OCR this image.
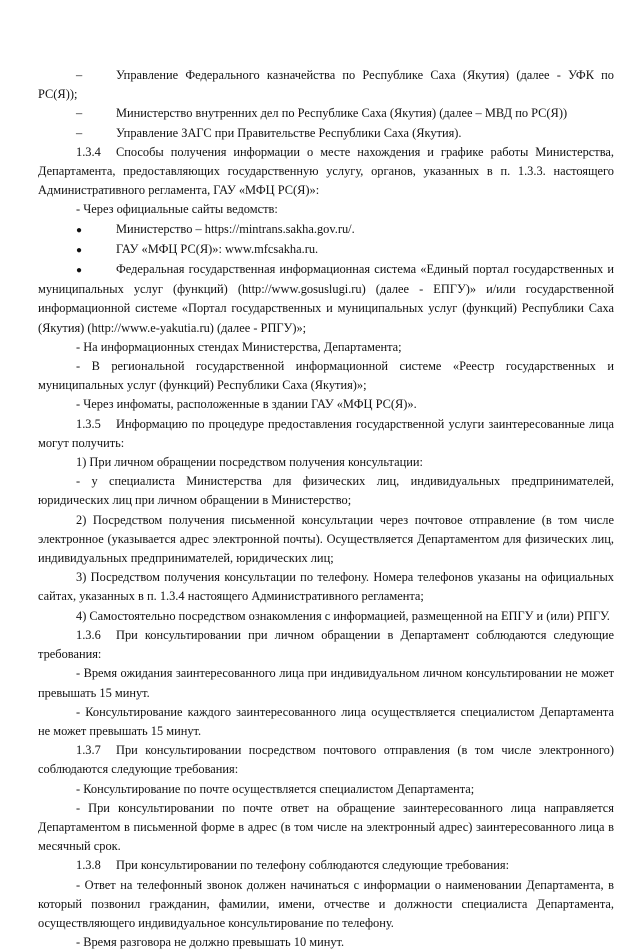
–	Управление Федерального казначейства по Республике Саха (Якутия) (далее - УФК по РС(Я));

–	Министерство внутренних дел по Республике Саха (Якутия) (далее – МВД по РС(Я))

–	Управление ЗАГС при Правительстве Республики Саха (Якутия).

1.3.4 Способы получения информации о месте нахождения и графике работы Министерства, Департамента, предоставляющих государственную услугу, органов, указанных в п. 1.3.3. настоящего Административного регламента, ГАУ «МФЦ РС(Я)»:

- Через официальные сайты ведомств:

●	Министерство – https://mintrans.sakha.gov.ru/.

●	ГАУ «МФЦ РС(Я)»: www.mfcsakha.ru.

●	Федеральная государственная информационная система «Единый портал государственных и муниципальных услуг (функций) (http://www.gosuslugi.ru) (далее - ЕПГУ)» и/или государственной информационной системе «Портал государственных и муниципальных услуг (функций) Республики Саха (Якутия) (http://www.e-yakutia.ru) (далее - РПГУ)»;

- На информационных стендах Министерства, Департамента;

- В региональной государственной информационной системе «Реестр государственных и муниципальных услуг (функций) Республики Саха (Якутия)»;

- Через инфоматы, расположенные в здании ГАУ «МФЦ РС(Я)».

1.3.5 Информацию по процедуре предоставления государственной услуги заинтересованные лица могут получить:

1) При личном обращении посредством получения консультации:

- у специалиста Министерства для физических лиц, индивидуальных предпринимателей, юридических лиц при личном обращении в Министерство;

2) Посредством получения письменной консультации через почтовое отправление (в том числе электронное (указывается адрес электронной почты). Осуществляется Департаментом для физических лиц, индивидуальных предпринимателей, юридических лиц;

3) Посредством получения консультации по телефону. Номера телефонов указаны на официальных сайтах, указанных в п. 1.3.4 настоящего Административного регламента;

4) Самостоятельно посредством ознакомления с информацией, размещенной на ЕПГУ и (или) РПГУ.

1.3.6 При консультировании при личном обращении в Департамент соблюдаются следующие требования:

- Время ожидания заинтересованного лица при индивидуальном личном консультировании не может превышать 15 минут.

- Консультирование каждого заинтересованного лица осуществляется специалистом Департамента не может превышать 15 минут.

1.3.7 При консультировании посредством почтового отправления (в том числе электронного) соблюдаются следующие требования:

- Консультирование по почте осуществляется специалистом Департамента;

- При консультировании по почте ответ на обращение заинтересованного лица направляется Департаментом в письменной форме в адрес (в том числе на электронный адрес) заинтересованного лица в месячный срок.

1.3.8 При консультировании по телефону соблюдаются следующие требования:

- Ответ на телефонный звонок должен начинаться с информации о наименовании Департамента, в который позвонил гражданин, фамилии, имени, отчестве и должности специалиста Департамента, осуществляющего индивидуальное консультирование по телефону.

- Время разговора не должно превышать 10 минут.
